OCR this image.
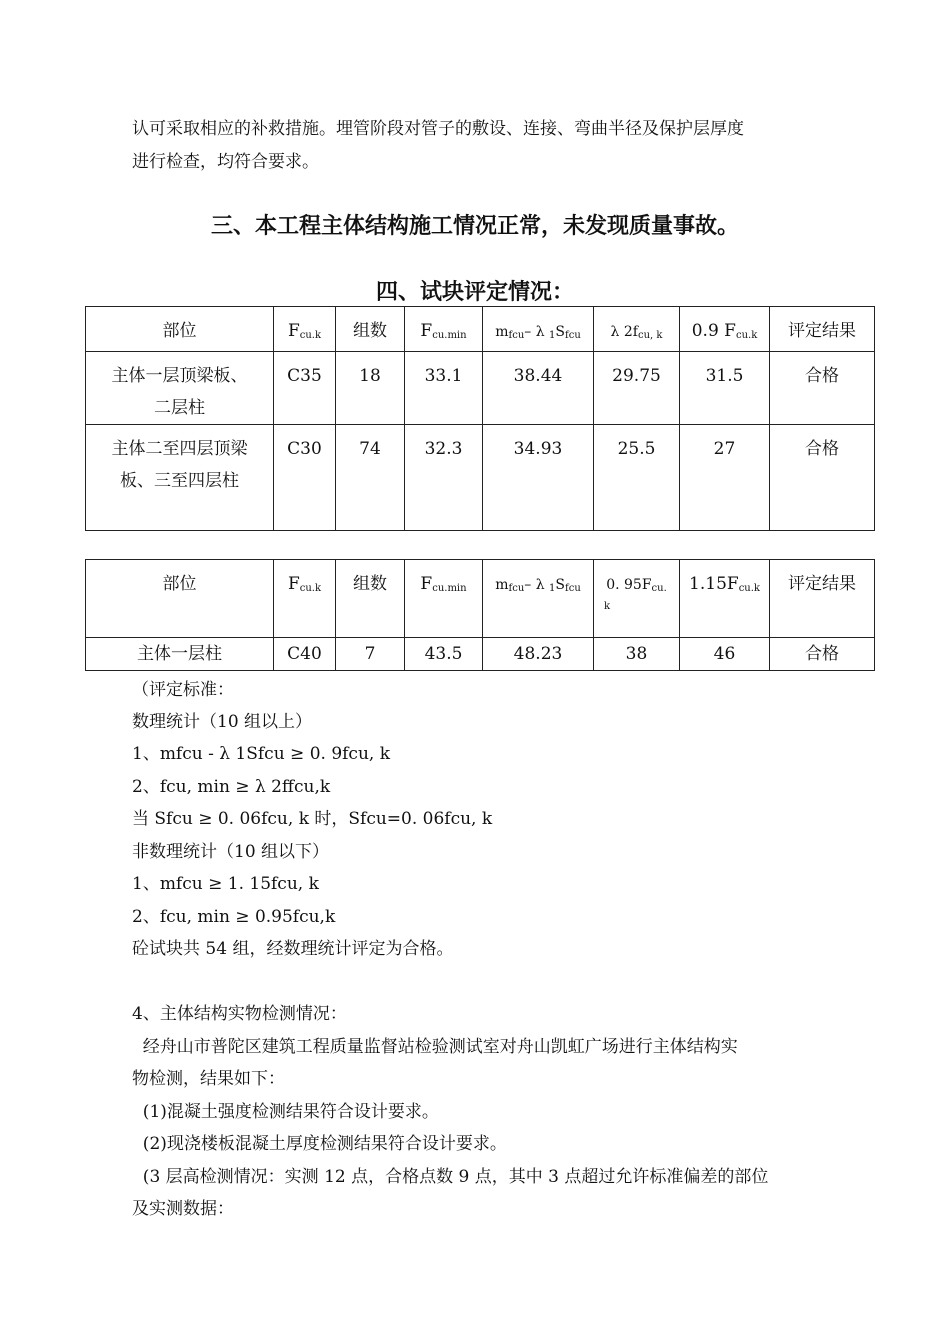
认可采取相应的补救措施。埋管阶段对管子的敷设、连接、弯曲半径及保护层厚度
进行检查，均符合要求。
三、本工程主体结构施工情况正常，未发现质量事故。
四、试块评定情况：
部位	$F_{cu.k}$	组数	$F_{cu.min}$	$m_{fcu}-$ λ $_1S_{fcu}$	λ $2f_{cu, k}$	0.9 $F_{cu.k}$	评定结果

主体一层顶梁板、
二层柱	C35	18	33.1	38.44	29.75	31.5	合格

主体二至四层顶梁
板、三至四层柱	C30	74	32.3	34.93	25.5	27	合格
部位	$F_{cu.k}$	组数	$F_{cu.min}$	$m_{fcu}-$ λ $_1S_{fcu}$	0. $95F_{cu.}$
k	$1.15F_{cu.k}$	评定结果
主体一层柱	C40	7	43.5	48.23	38	46	合格
（评定标准：
数理统计（10 组以上）
1、mfcu - λ 1Sfcu ≥ 0. 9fcu, k
2、fcu, min ≥ λ 2ffcu,k
当 Sfcu ≥ 0. 06fcu, k 时，Sfcu=0. 06fcu, k
非数理统计（10 组以下）
1、mfcu ≥ 1. 15fcu, k
2、fcu, min ≥ 0.95fcu,k
砼试块共 54 组，经数理统计评定为合格。
4、主体结构实物检测情况：
经舟山市普陀区建筑工程质量监督站检验测试室对舟山凯虹广场进行主体结构实
物检测，结果如下：
(1)混凝土强度检测结果符合设计要求。
(2)现浇楼板混凝土厚度检测结果符合设计要求。
(3 层高检测情况：实测 12 点，合格点数 9 点，其中 3 点超过允许标准偏差的部位
及实测数据：
